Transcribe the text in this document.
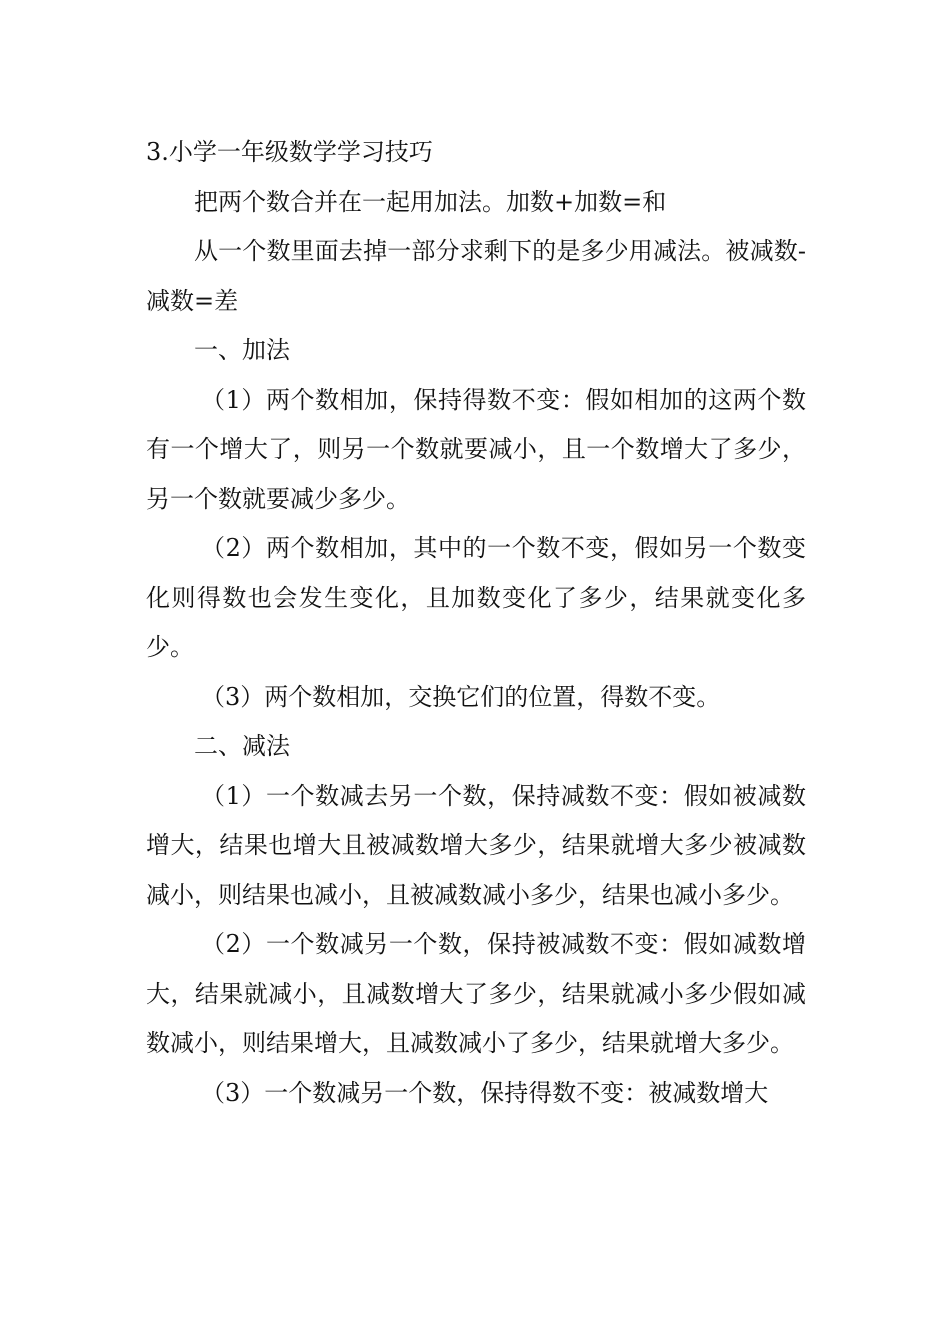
3.小学一年级数学学习技巧

把两个数合并在一起用加法。加数+加数=和

从一个数里面去掉一部分求剩下的是多少用减法。被减数-减数=差

一、加法

（1）两个数相加，保持得数不变：假如相加的这两个数有一个增大了，则另一个数就要减小，且一个数增大了多少，另一个数就要减少多少。

（2）两个数相加，其中的一个数不变，假如另一个数变化则得数也会发生变化，且加数变化了多少，结果就变化多少。

（3）两个数相加，交换它们的位置，得数不变。

二、减法

（1）一个数减去另一个数，保持减数不变：假如被减数增大，结果也增大且被减数增大多少，结果就增大多少被减数减小，则结果也减小，且被减数减小多少，结果也减小多少。

（2）一个数减另一个数，保持被减数不变：假如减数增大，结果就减小，且减数增大了多少，结果就减小多少假如减数减小，则结果增大，且减数减小了多少，结果就增大多少。

（3）一个数减另一个数，保持得数不变：被减数增大
